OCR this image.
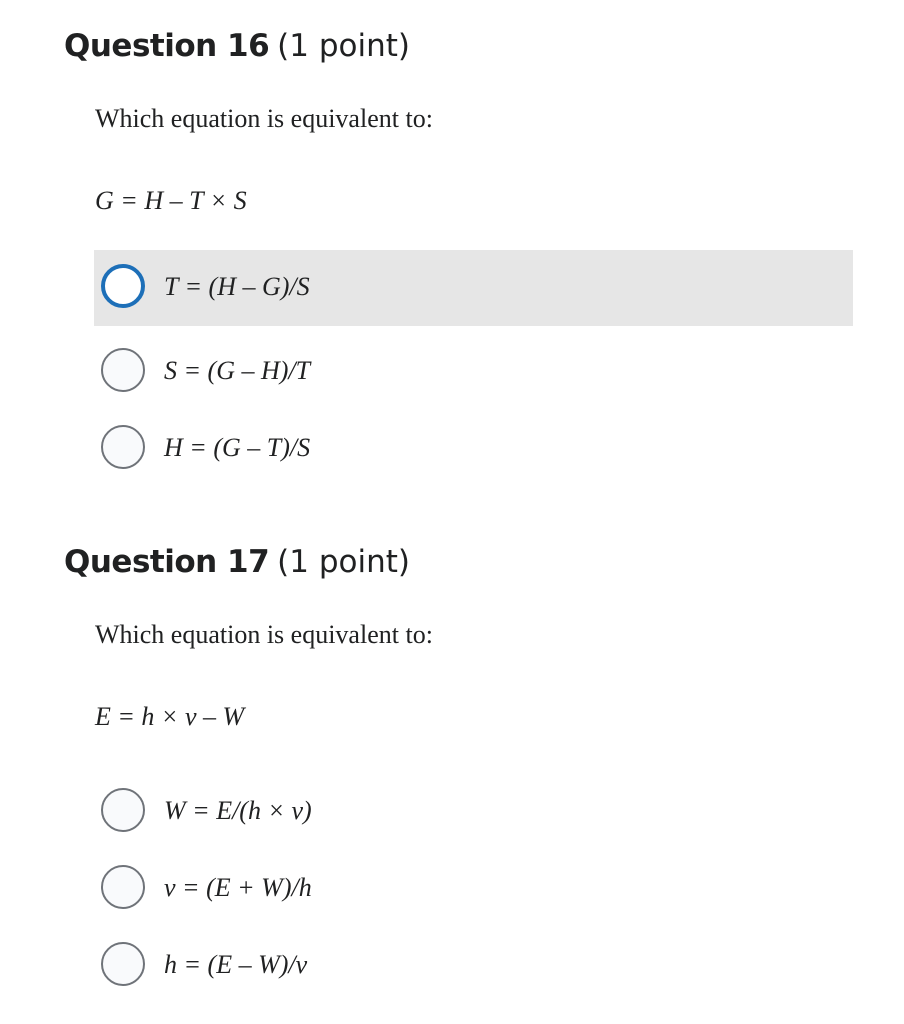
Question 16 (1 point)
Which equation is equivalent to:
G = H – T × S
T = (H – G)/S
S = (G – H)/T
H = (G – T)/S
Question 17 (1 point)
Which equation is equivalent to:
E = h × v – W
W = E/(h × v)
v = (E + W)/h
h = (E – W)/v
